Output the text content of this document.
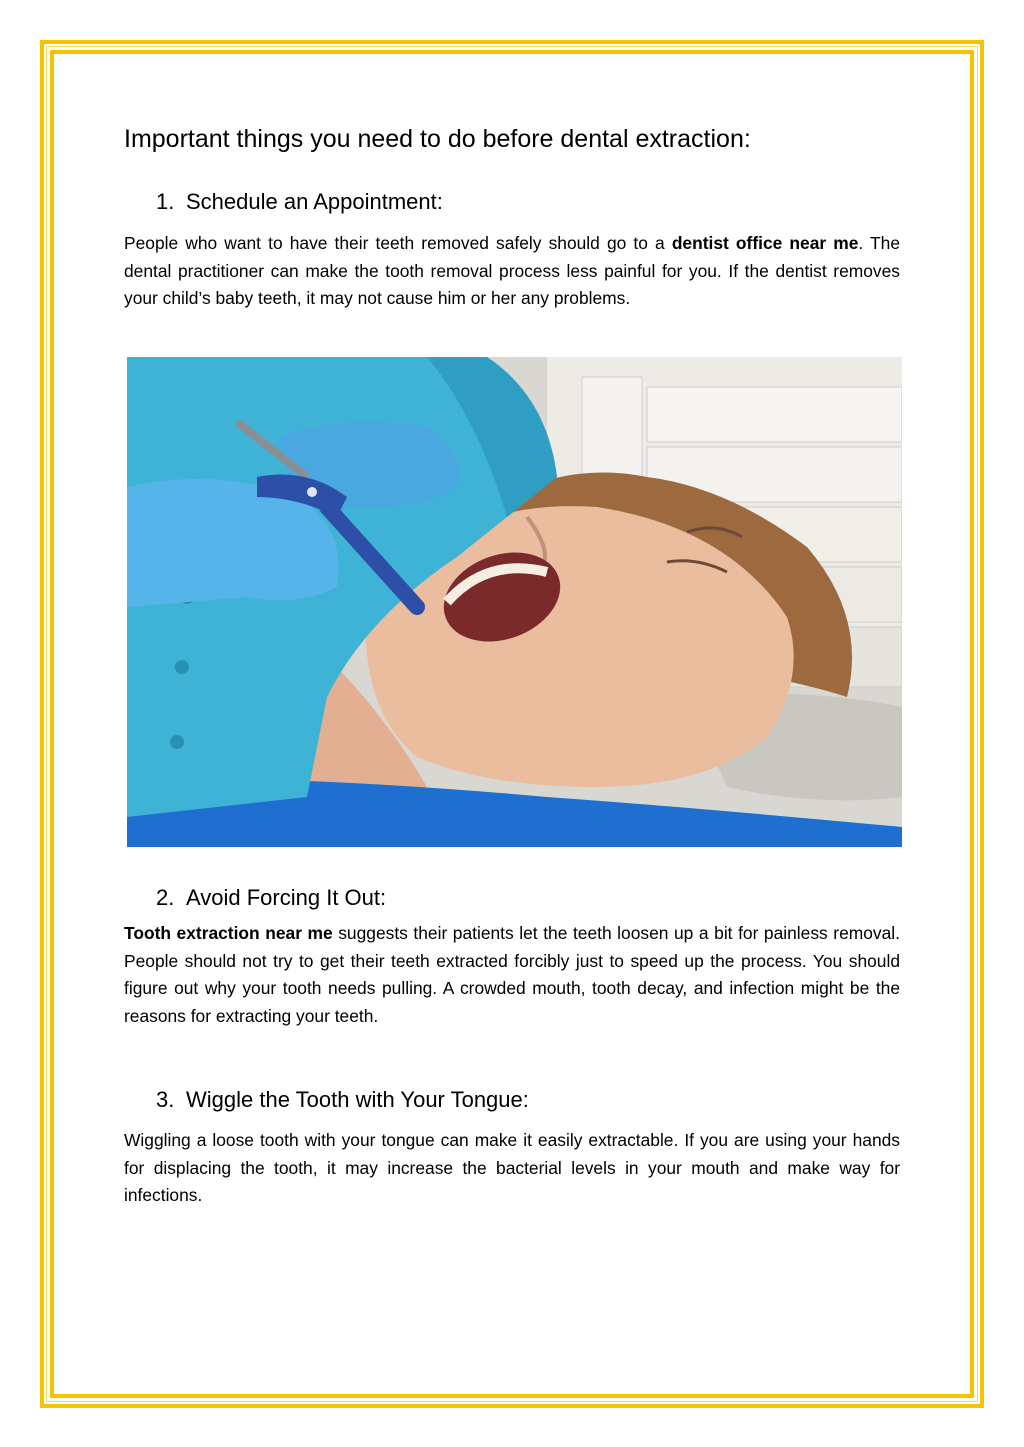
Important things you need to do before dental extraction:
1. Schedule an Appointment:

People who want to have their teeth removed safely should go to a dentist office near me. The dental practitioner can make the tooth removal process less painful for you. If the dentist removes your child’s baby teeth, it may not cause him or her any problems.

2. Avoid Forcing It Out:

Tooth extraction near me suggests their patients let the teeth loosen up a bit for painless removal. People should not try to get their teeth extracted forcibly just to speed up the process. You should figure out why your tooth needs pulling. A crowded mouth, tooth decay, and infection might be the reasons for extracting your teeth.

3. Wiggle the Tooth with Your Tongue:

Wiggling a loose tooth with your tongue can make it easily extractable. If you are using your hands for displacing the tooth, it may increase the bacterial levels in your mouth and make way for infections.
